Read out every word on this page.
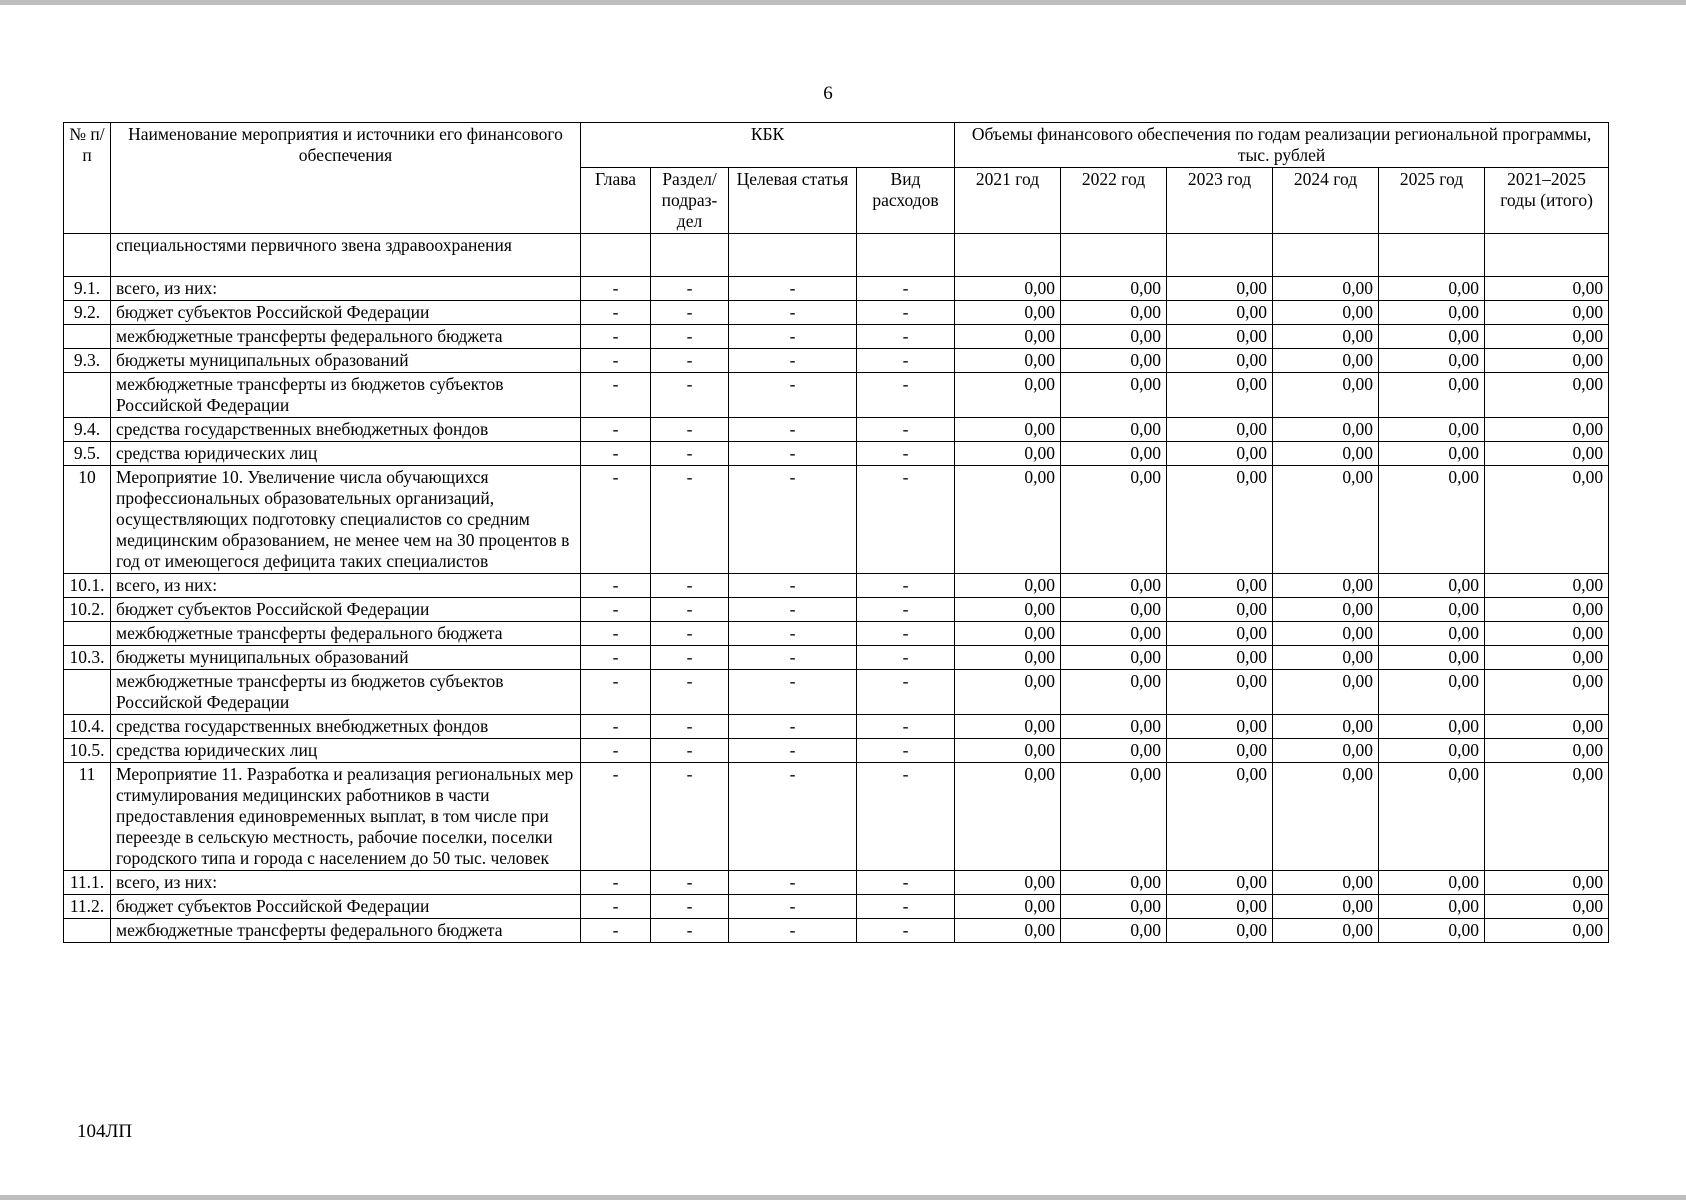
6
№ п/п	Наименование мероприятия и источники его финансового обеспечения	КБК				Объемы финансового обеспечения по годам реализации региональной программы, тыс. рублей					
		Глава	Раздел/ подраз-дел	Целевая статья	Вид расходов	2021 год	2022 год	2023 год	2024 год	2025 год	2021–2025 годы (итого)
	специальностями первичного звена здравоохранения										
9.1.	всего, из них:	-	-	-	-	0,00	0,00	0,00	0,00	0,00	0,00
9.2.	бюджет субъектов Российской Федерации	-	-	-	-	0,00	0,00	0,00	0,00	0,00	0,00
	межбюджетные трансферты федерального бюджета	-	-	-	-	0,00	0,00	0,00	0,00	0,00	0,00
9.3.	бюджеты муниципальных образований	-	-	-	-	0,00	0,00	0,00	0,00	0,00	0,00
	межбюджетные трансферты из бюджетов субъектов Российской Федерации	-	-	-	-	0,00	0,00	0,00	0,00	0,00	0,00
9.4.	средства государственных внебюджетных фондов	-	-	-	-	0,00	0,00	0,00	0,00	0,00	0,00
9.5.	средства юридических лиц	-	-	-	-	0,00	0,00	0,00	0,00	0,00	0,00
10	Мероприятие 10. Увеличение числа обучающихся профессиональных образовательных организаций, осуществляющих подготовку специалистов со средним медицинским образованием, не менее чем на 30 процентов в год от имеющегося дефицита таких специалистов	-	-	-	-	0,00	0,00	0,00	0,00	0,00	0,00
10.1.	всего, из них:	-	-	-	-	0,00	0,00	0,00	0,00	0,00	0,00
10.2.	бюджет субъектов Российской Федерации	-	-	-	-	0,00	0,00	0,00	0,00	0,00	0,00
	межбюджетные трансферты федерального бюджета	-	-	-	-	0,00	0,00	0,00	0,00	0,00	0,00
10.3.	бюджеты муниципальных образований	-	-	-	-	0,00	0,00	0,00	0,00	0,00	0,00
	межбюджетные трансферты из бюджетов субъектов Российской Федерации	-	-	-	-	0,00	0,00	0,00	0,00	0,00	0,00
10.4.	средства государственных внебюджетных фондов	-	-	-	-	0,00	0,00	0,00	0,00	0,00	0,00
10.5.	средства юридических лиц	-	-	-	-	0,00	0,00	0,00	0,00	0,00	0,00
11	Мероприятие 11. Разработка и реализация региональных мер стимулирования медицинских работников в части предоставления единовременных выплат, в том числе при переезде в сельскую местность, рабочие поселки, поселки городского типа и города с населением до 50 тыс. человек	-	-	-	-	0,00	0,00	0,00	0,00	0,00	0,00
11.1.	всего, из них:	-	-	-	-	0,00	0,00	0,00	0,00	0,00	0,00
11.2.	бюджет субъектов Российской Федерации	-	-	-	-	0,00	0,00	0,00	0,00	0,00	0,00
	межбюджетные трансферты федерального бюджета	-	-	-	-	0,00	0,00	0,00	0,00	0,00	0,00
104ЛП
